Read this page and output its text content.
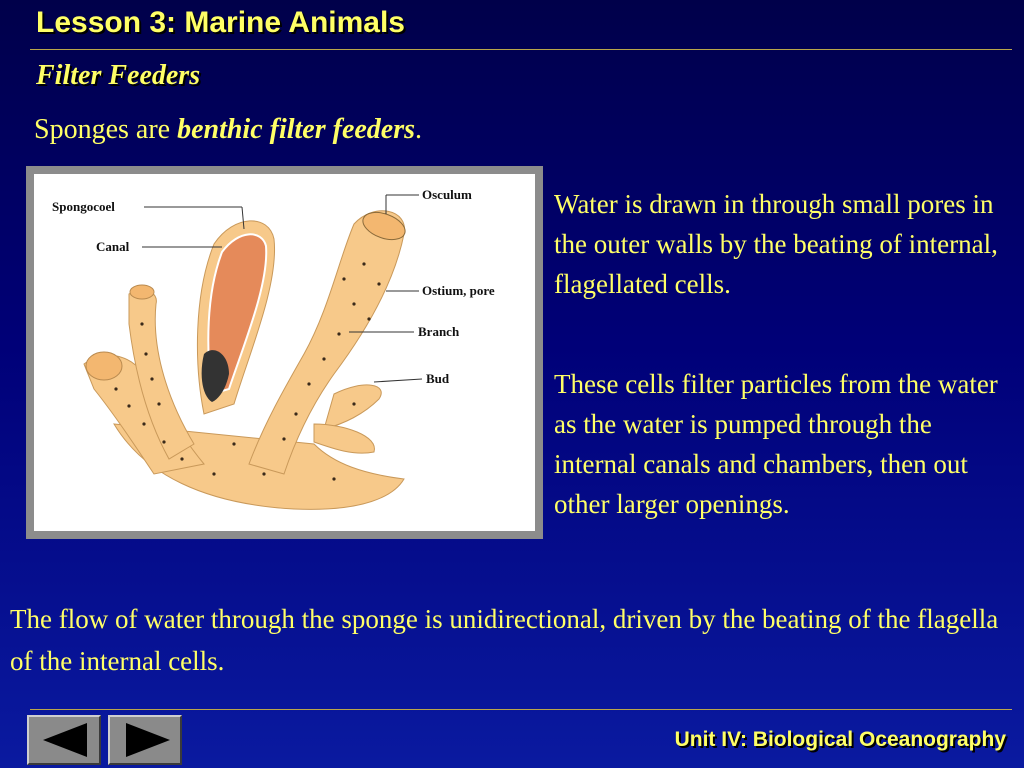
Lesson 3: Marine Animals
Filter Feeders
Sponges are benthic filter feeders.
Spongocoel
Canal
Osculum
Ostium, pore
Branch
Bud
Water is drawn in through small pores in the outer walls by the beating of internal, flagellated cells.
These cells filter particles from the water as the water is pumped through the internal canals and chambers, then out other larger openings.
The flow of water through the sponge is unidirectional, driven by the beating of the flagella of the internal cells.
Unit IV: Biological Oceanography
